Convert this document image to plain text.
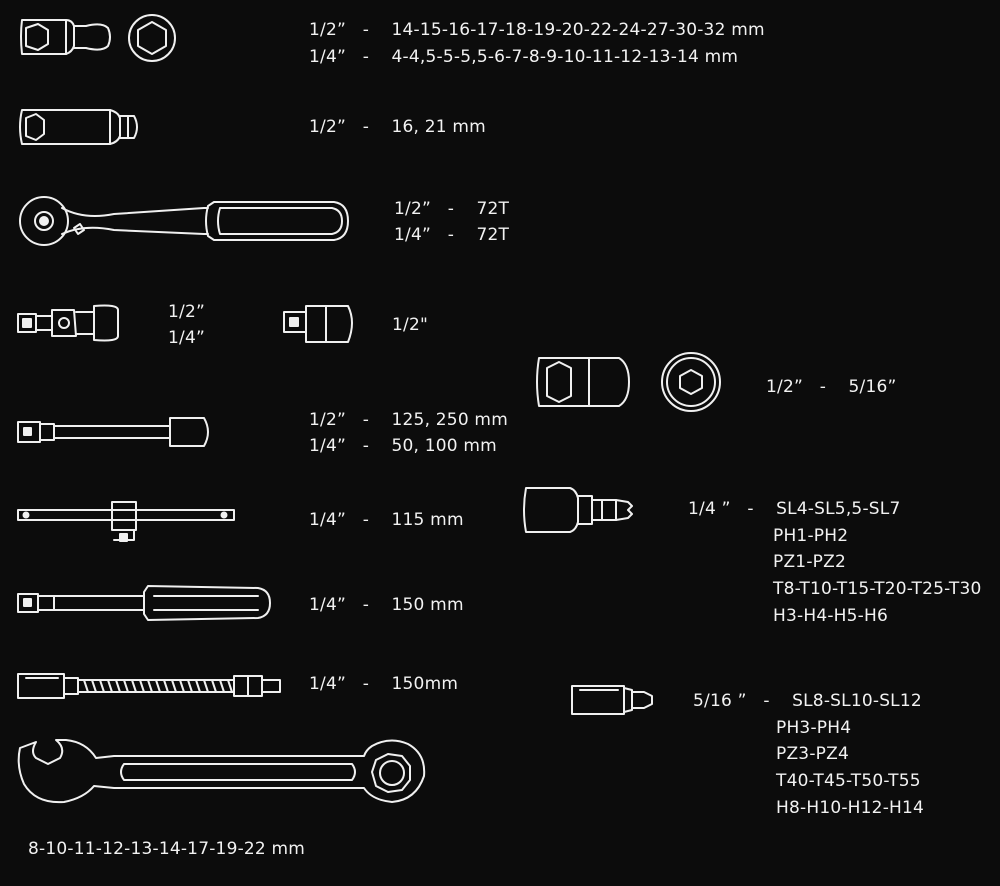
1/2”   -    14-15-16-17-18-19-20-22-24-27-30-32 mm
1/4”   -    4-4,5-5-5,5-6-7-8-9-10-11-12-13-14 mm
1/2”   -    16, 21 mm
1/2”   -    72T
1/4”   -    72T
1/2”
1/4”
1/2"
1/2”   -    5/16”
1/2”   -    125, 250 mm
1/4”   -    50, 100 mm
1/4 ”   -    SL4-SL5,5-SL7
PH1-PH2
PZ1-PZ2
T8-T10-T15-T20-T25-T30
H3-H4-H5-H6
1/4”   -    115 mm
1/4”   -    150 mm
5/16 ”   -    SL8-SL10-SL12
PH3-PH4
PZ3-PZ4
T40-T45-T50-T55
H8-H10-H12-H14
1/4”   -    150mm
8-10-11-12-13-14-17-19-22 mm
